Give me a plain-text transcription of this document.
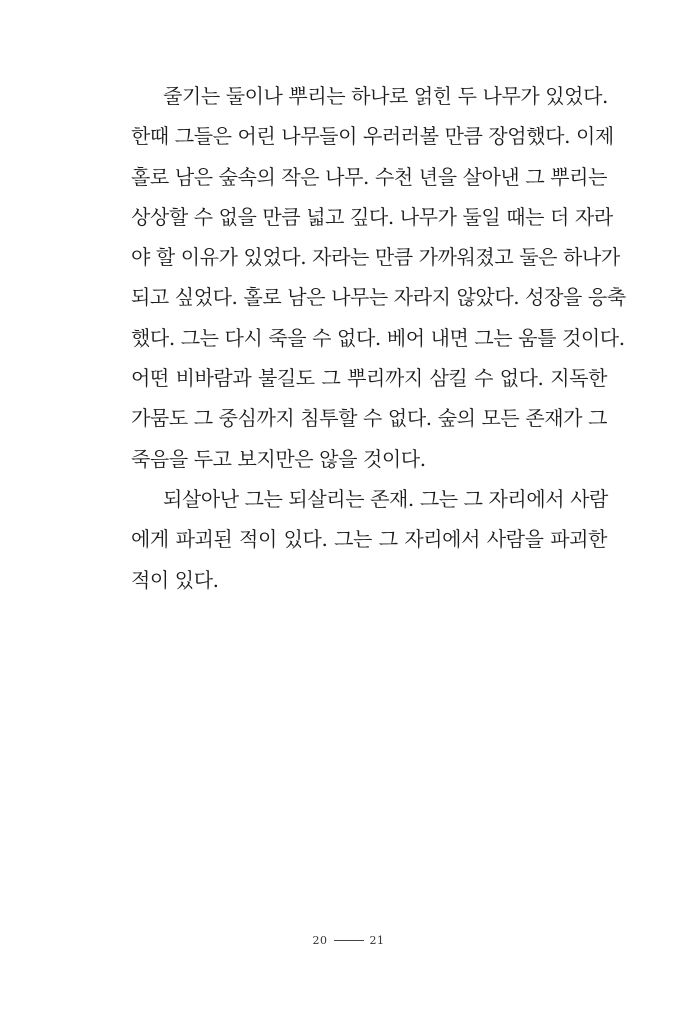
줄기는 둘이나 뿌리는 하나로 얽힌 두 나무가 있었다.
한때 그들은 어린 나무들이 우러러볼 만큼 장엄했다. 이제
홀로 남은 숲속의 작은 나무. 수천 년을 살아낸 그 뿌리는
상상할 수 없을 만큼 넓고 깊다. 나무가 둘일 때는 더 자라
야 할 이유가 있었다. 자라는 만큼 가까워졌고 둘은 하나가
되고 싶었다. 홀로 남은 나무는 자라지 않았다. 성장을 응축
했다. 그는 다시 죽을 수 없다. 베어 내면 그는 움틀 것이다.
어떤 비바람과 불길도 그 뿌리까지 삼킬 수 없다. 지독한
가뭄도 그 중심까지 침투할 수 없다. 숲의 모든 존재가 그
죽음을 두고 보지만은 않을 것이다.
되살아난 그는 되살리는 존재. 그는 그 자리에서 사람
에게 파괴된 적이 있다. 그는 그 자리에서 사람을 파괴한
적이 있다.
20	21
